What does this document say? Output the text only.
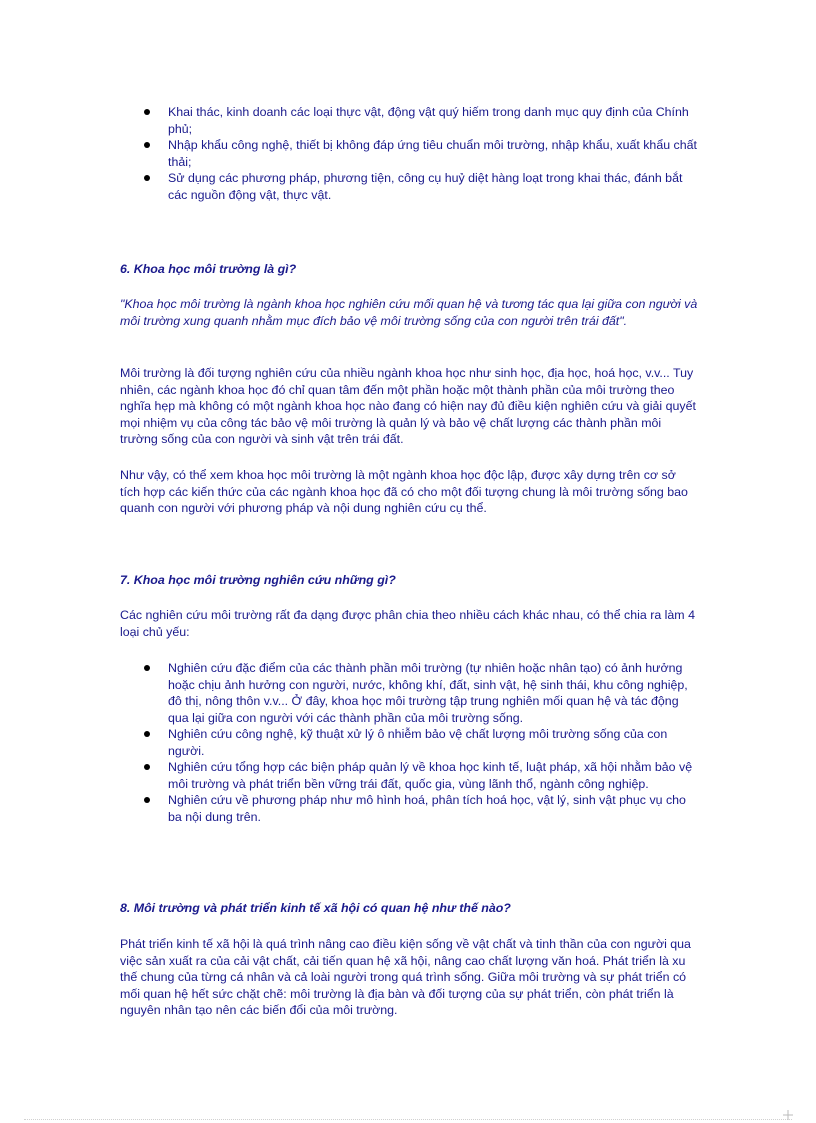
Khai thác, kinh doanh các loại thực vật, động vật quý hiếm trong danh mục quy định của Chính phủ;
Nhập khẩu công nghệ, thiết bị không đáp ứng tiêu chuẩn môi trường, nhập khẩu, xuất khẩu chất thải;
Sử dụng các phương pháp, phương tiện, công cụ huỷ diệt hàng loạt trong khai thác, đánh bắt các nguồn động vật, thực vật.
6. Khoa học môi trường là gì?

"Khoa học môi trường là ngành khoa học nghiên cứu mối quan hệ và tương tác qua lại giữa con người và môi trường xung quanh nhằm mục đích bảo vệ môi trường sống của con người trên trái đất".

Môi trường là đối tượng nghiên cứu của nhiều ngành khoa học như sinh học, địa học, hoá học, v.v... Tuy nhiên, các ngành khoa học đó chỉ quan tâm đến một phần hoặc một thành phần của môi trường theo nghĩa hẹp mà không có một ngành khoa học nào đang có hiện nay đủ điều kiện nghiên cứu và giải quyết mọi nhiệm vụ của công tác bảo vệ môi trường là quản lý và bảo vệ chất lượng các thành phần môi trường sống của con người và sinh vật trên trái đất.

Như vậy, có thể xem khoa học môi trường là một ngành khoa học độc lập, được xây dựng trên cơ sở tích hợp các kiến thức của các ngành khoa học đã có cho một đối tượng chung là môi trường sống bao quanh con người với phương pháp và nội dung nghiên cứu cụ thể.

7. Khoa học môi trường nghiên cứu những gì?

Các nghiên cứu môi trường rất đa dạng được phân chia theo nhiều cách khác nhau, có thể chia ra làm 4 loại chủ yếu:

Nghiên cứu đặc điểm của các thành phần môi trường (tự nhiên hoặc nhân tạo) có ảnh hưởng hoặc chịu ảnh hưởng con người, nước, không khí, đất, sinh vật, hệ sinh thái, khu công nghiệp, đô thị, nông thôn v.v... Ở đây, khoa học môi trường tập trung nghiên mối quan hệ và tác động qua lại giữa con người với các thành phần của môi trường sống.
Nghiên cứu công nghệ, kỹ thuật xử lý ô nhiễm bảo vệ chất lượng môi trường sống của con người.
Nghiên cứu tổng hợp các biện pháp quản lý về khoa học kinh tế, luật pháp, xã hội nhằm bảo vệ môi trường và phát triển bền vững trái đất, quốc gia, vùng lãnh thổ, ngành công nghiệp.
Nghiên cứu về phương pháp như mô hình hoá, phân tích hoá học, vật lý, sinh vật phục vụ cho ba nội dung trên.
8. Môi trường và phát triển kinh tế xã hội có quan hệ như thế nào?

Phát triển kinh tế xã hội là quá trình nâng cao điều kiện sống về vật chất và tinh thần của con người qua việc sản xuất ra của cải vật chất, cải tiến quan hệ xã hội, nâng cao chất lượng văn hoá. Phát triển là xu thế chung của từng cá nhân và cả loài người trong quá trình sống. Giữa môi trường và sự phát triển có mối quan hệ hết sức chặt chẽ: môi trường là địa bàn và đối tượng của sự phát triển, còn phát triển là nguyên nhân tạo nên các biến đổi của môi trường.
